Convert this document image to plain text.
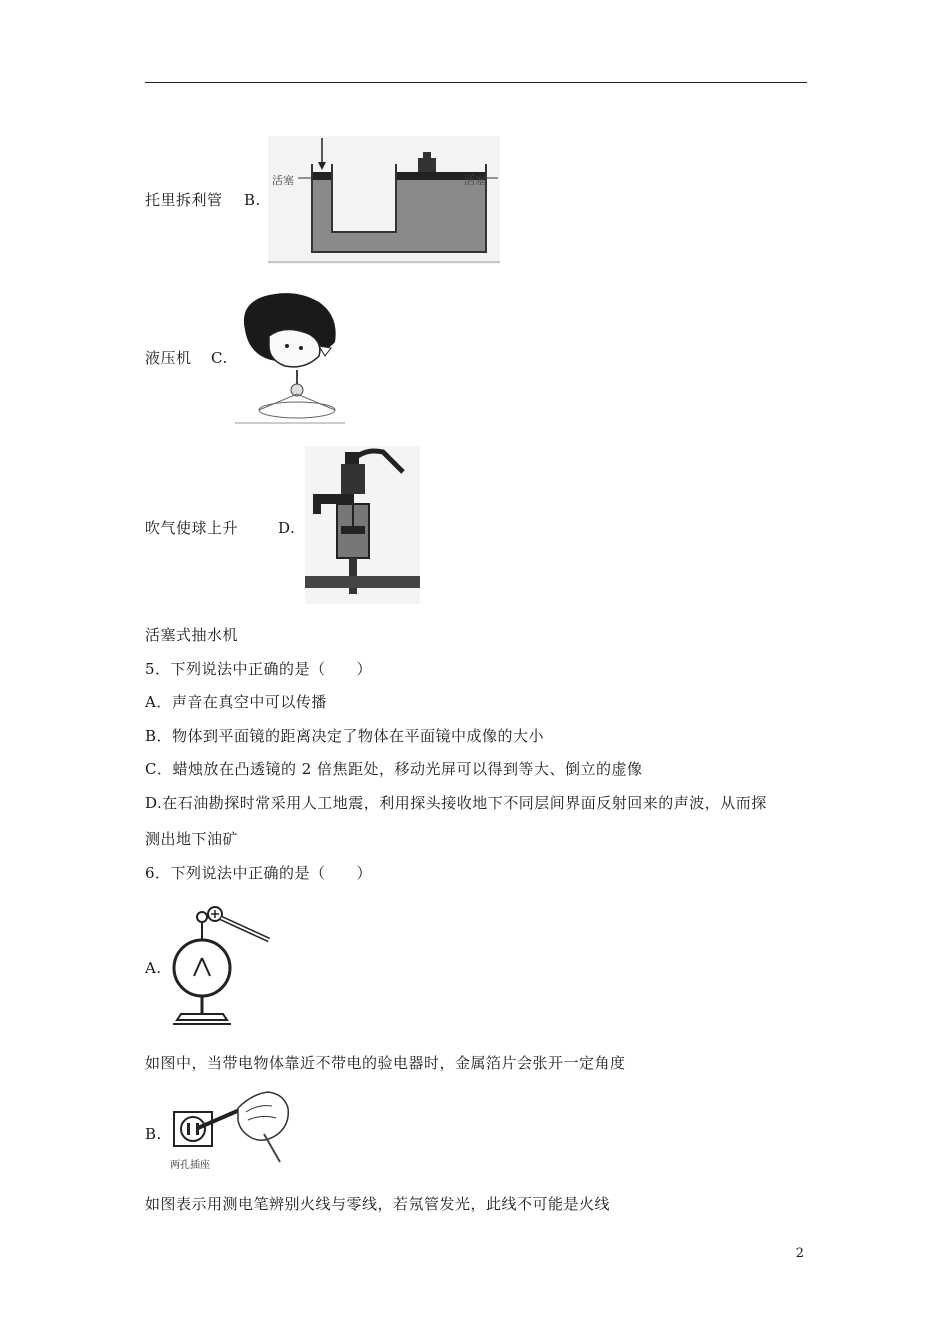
托里拆利管 B.
活塞	活塞
液压机 C.
吹气使球上升	D.
活塞式抽水机
5．下列说法中正确的是（　　）
A．声音在真空中可以传播
B．物体到平面镜的距离决定了物体在平面镜中成像的大小
C．蜡烛放在凸透镜的 2 倍焦距处，移动光屏可以得到等大、倒立的虚像
D.在石油勘探时常采用人工地震，利用探头接收地下不同层间界面反射回来的声波，从而探
测出地下油矿
6．下列说法中正确的是（　　）
A.
如图中，当带电物体靠近不带电的验电器时，金属箔片会张开一定角度
B.
两孔插座
如图表示用测电笔辨别火线与零线，若氖管发光，此线不可能是火线
2
